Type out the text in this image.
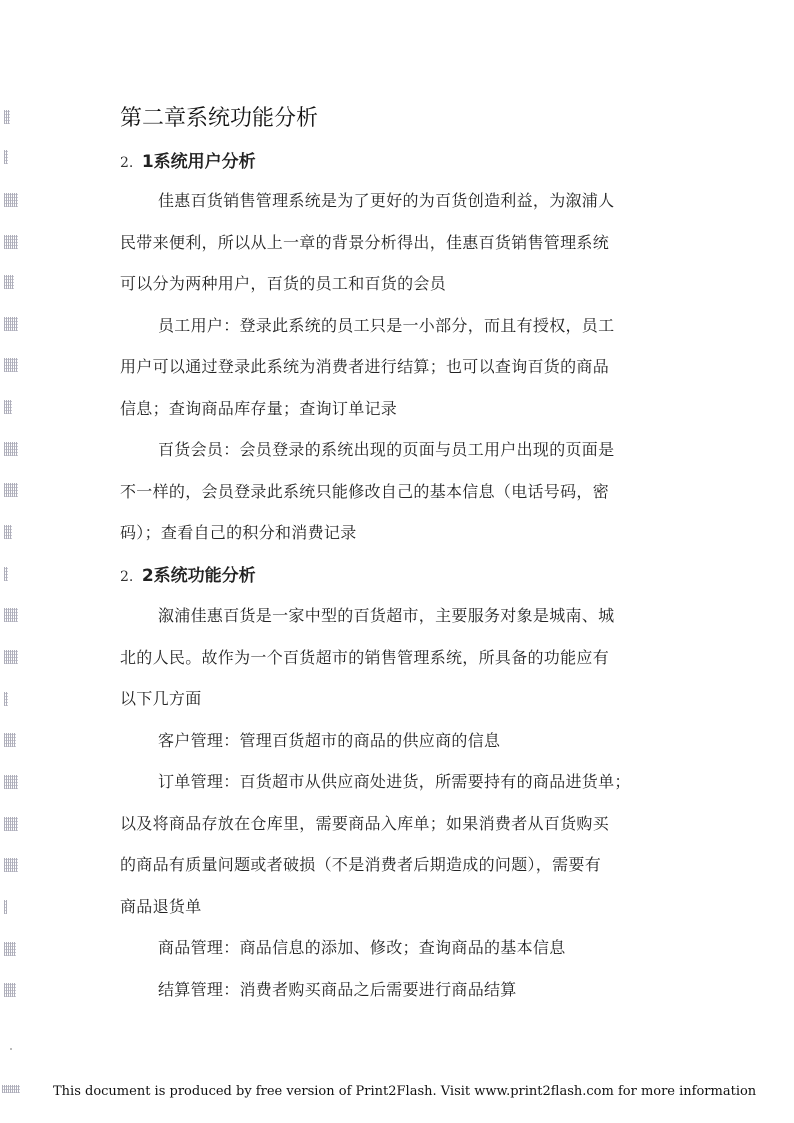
第二章系统功能分析
2. 1系统用户分析
佳惠百货销售管理系统是为了更好的为百货创造利益，为溆浦人
民带来便利，所以从上一章的背景分析得出，佳惠百货销售管理系统
可以分为两种用户，百货的员工和百货的会员
员工用户：登录此系统的员工只是一小部分，而且有授权，员工
用户可以通过登录此系统为消费者进行结算；也可以查询百货的商品
信息；查询商品库存量；查询订单记录
百货会员：会员登录的系统出现的页面与员工用户出现的页面是
不一样的，会员登录此系统只能修改自己的基本信息（电话号码，密
码）；查看自己的积分和消费记录
2. 2系统功能分析
溆浦佳惠百货是一家中型的百货超市，主要服务对象是城南、城
北的人民。故作为一个百货超市的销售管理系统，所具备的功能应有
以下几方面
客户管理：管理百货超市的商品的供应商的信息
订单管理：百货超市从供应商处进货，所需要持有的商品进货单；
以及将商品存放在仓库里，需要商品入库单；如果消费者从百货购买
的商品有质量问题或者破损（不是消费者后期造成的问题），需要有
商品退货单
商品管理：商品信息的添加、修改；查询商品的基本信息
结算管理：消费者购买商品之后需要进行商品结算
This document is produced by free version of Print2Flash. Visit www.print2flash.com for more information
